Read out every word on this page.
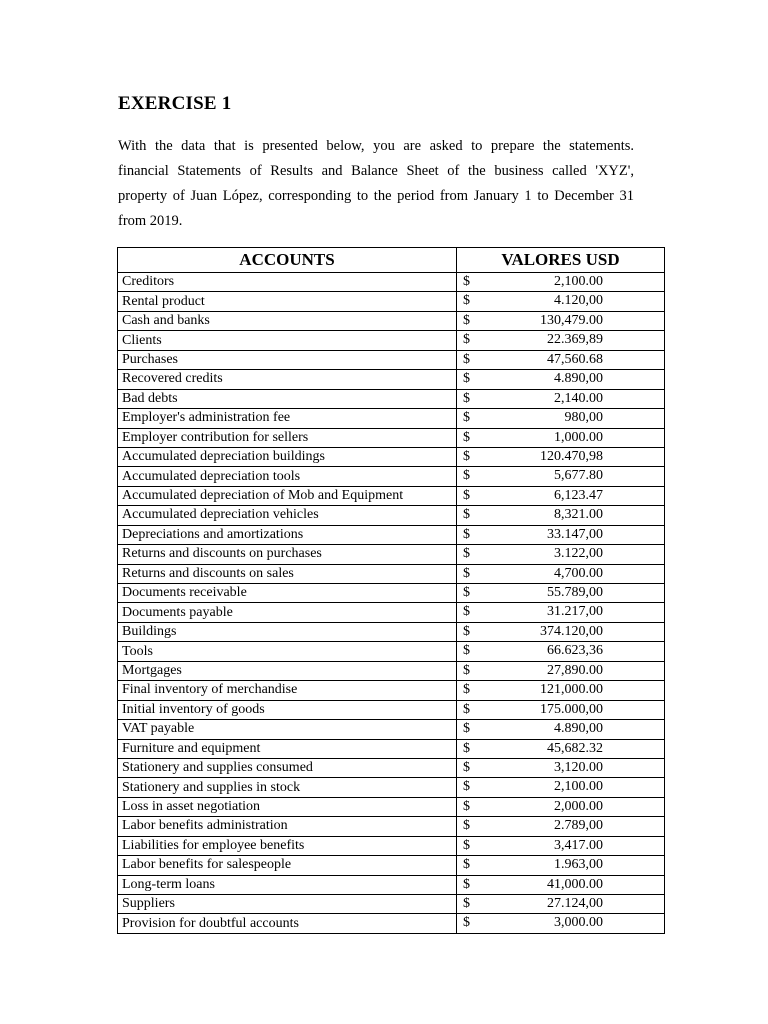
EXERCISE 1
With the data that is presented below, you are asked to prepare the statements.
financial Statements of Results and Balance Sheet of the business called 'XYZ',
property of Juan López, corresponding to the period from January 1 to December 31
from 2019.
ACCOUNTS	VALORES USD
Creditors	$ 2,100.00

Rental product	$ 4.120,00

Cash and banks	$ 130,479.00

Clients	$ 22.369,89

Purchases	$ 47,560.68

Recovered credits	$ 4.890,00

Bad debts	$ 2,140.00

Employer's administration fee	$ 980,00

Employer contribution for sellers	$ 1,000.00

Accumulated depreciation buildings	$ 120.470,98

Accumulated depreciation tools	$ 5,677.80

Accumulated depreciation of Mob and Equipment	$ 6,123.47

Accumulated depreciation vehicles	$ 8,321.00

Depreciations and amortizations	$ 33.147,00

Returns and discounts on purchases	$ 3.122,00

Returns and discounts on sales	$ 4,700.00

Documents receivable	$ 55.789,00

Documents payable	$ 31.217,00

Buildings	$ 374.120,00

Tools	$ 66.623,36

Mortgages	$ 27,890.00

Final inventory of merchandise	$ 121,000.00

Initial inventory of goods	$ 175.000,00

VAT payable	$ 4.890,00

Furniture and equipment	$ 45,682.32

Stationery and supplies consumed	$ 3,120.00

Stationery and supplies in stock	$ 2,100.00

Loss in asset negotiation	$ 2,000.00

Labor benefits administration	$ 2.789,00

Liabilities for employee benefits	$ 3,417.00

Labor benefits for salespeople	$ 1.963,00

Long-term loans	$ 41,000.00

Suppliers	$ 27.124,00

Provision for doubtful accounts	$ 3,000.00
